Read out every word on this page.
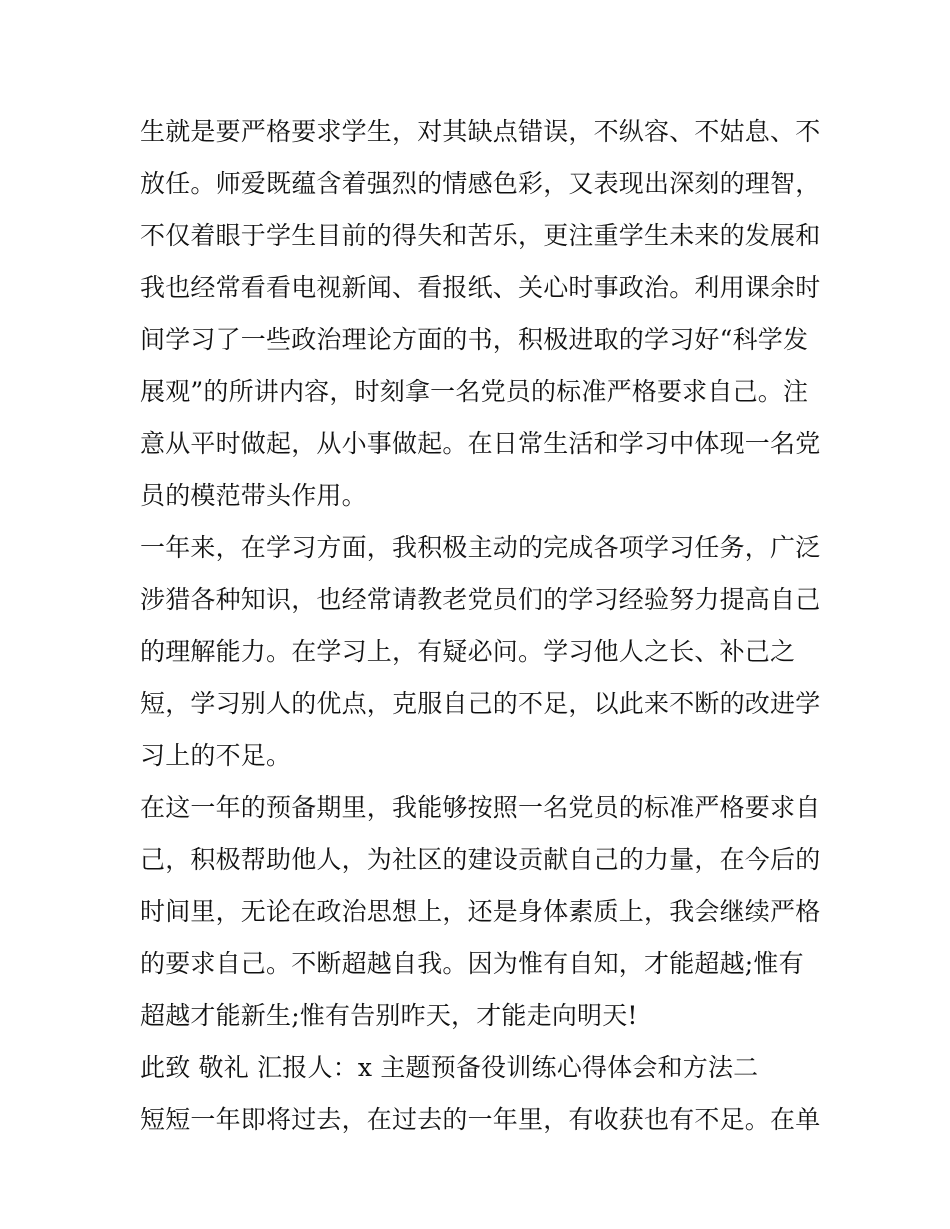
生就是要严格要求学生，对其缺点错误，不纵容、不姑息、不
放任。师爱既蕴含着强烈的情感色彩，又表现出深刻的理智，
不仅着眼于学生目前的得失和苦乐，更注重学生未来的发展和
我也经常看看电视新闻、看报纸、关心时事政治。利用课余时
间学习了一些政治理论方面的书，积极进取的学习好“科学发
展观”的所讲内容，时刻拿一名党员的标准严格要求自己。注
意从平时做起，从小事做起。在日常生活和学习中体现一名党
员的模范带头作用。
一年来，在学习方面，我积极主动的完成各项学习任务，广泛
涉猎各种知识，也经常请教老党员们的学习经验努力提高自己
的理解能力。在学习上，有疑必问。学习他人之长、补己之
短，学习别人的优点，克服自己的不足，以此来不断的改进学
习上的不足。
在这一年的预备期里，我能够按照一名党员的标准严格要求自
己，积极帮助他人，为社区的建设贡献自己的力量，在今后的
时间里，无论在政治思想上，还是身体素质上，我会继续严格
的要求自己。不断超越自我。因为惟有自知，才能超越;惟有
超越才能新生;惟有告别昨天，才能走向明天!
此致 敬礼 汇报人：x 主题预备役训练心得体会和方法二
短短一年即将过去，在过去的一年里，有收获也有不足。在单
